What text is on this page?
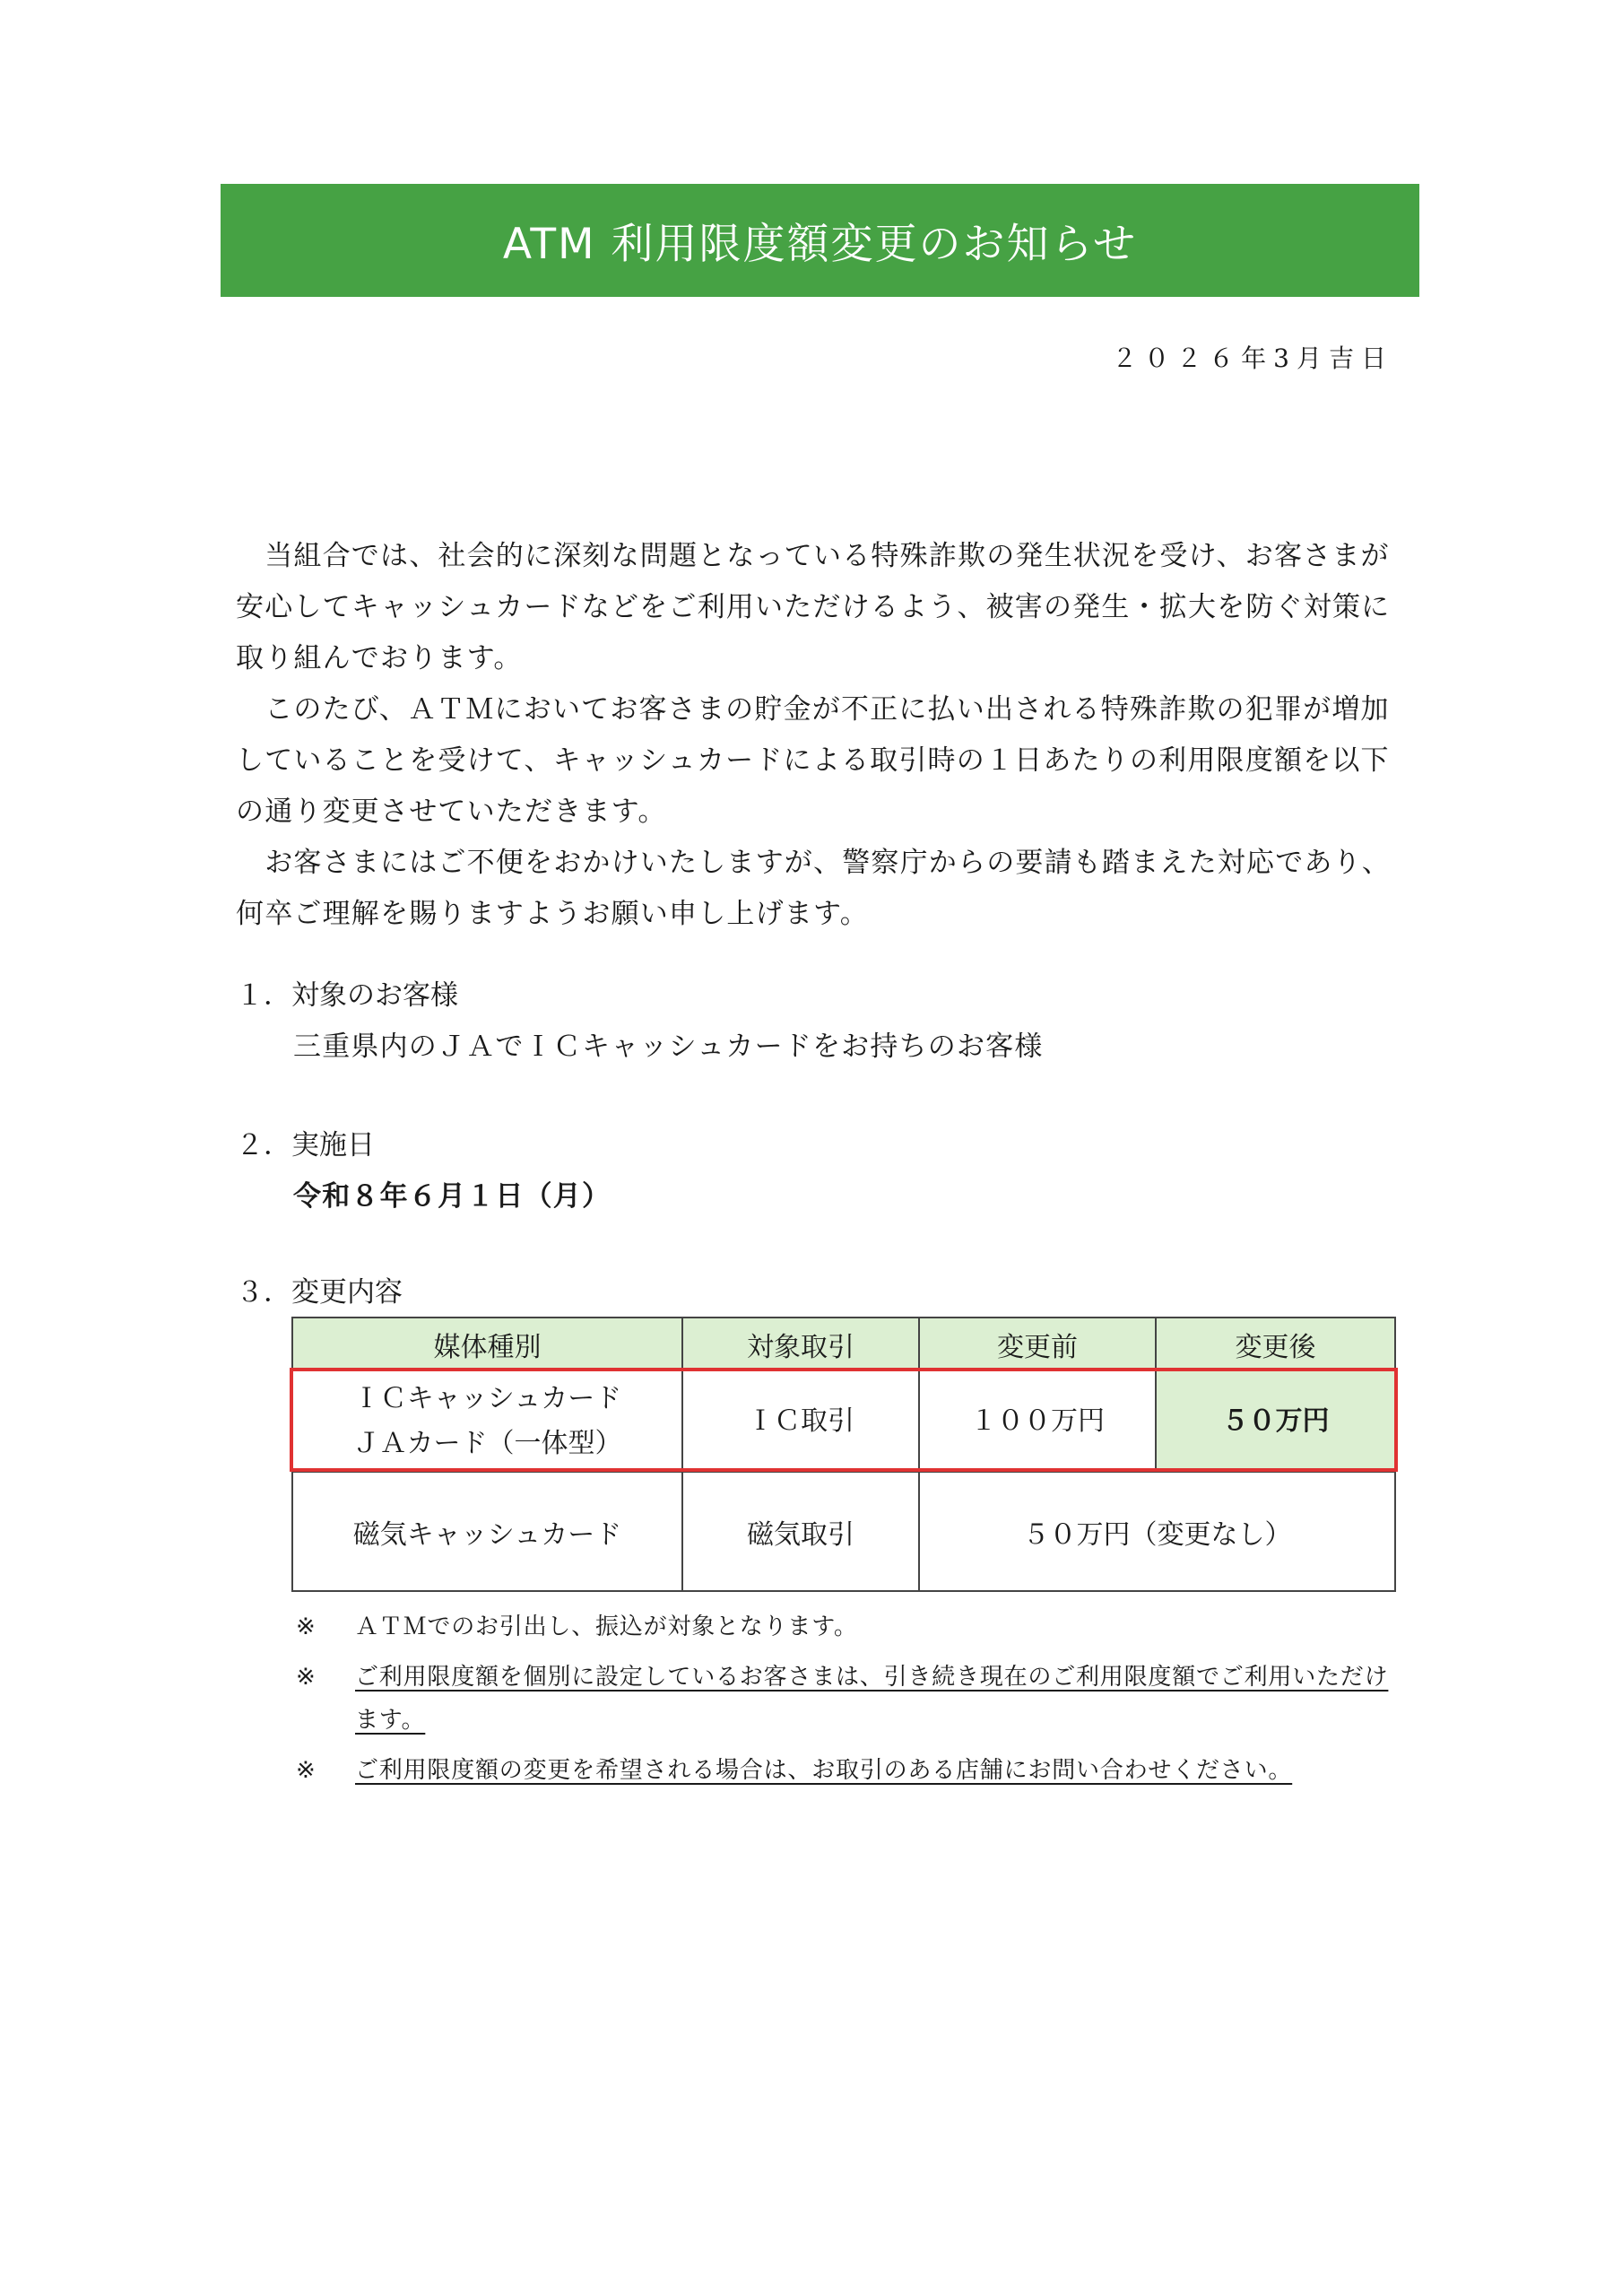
ATM 利用限度額変更のお知らせ
２０２６年3月吉日

　当組合では、社会的に深刻な問題となっている特殊詐欺の発生状況を受け、お客さまが安心してキャッシュカードなどをご利用いただけるよう、被害の発生・拡大を防ぐ対策に取り組んでおります。

　このたび、ＡＴＭにおいてお客さまの貯金が不正に払い出される特殊詐欺の犯罪が増加していることを受けて、キャッシュカードによる取引時の１日あたりの利用限度額を以下の通り変更させていただきます。

　お客さまにはご不便をおかけいたしますが、警察庁からの要請も踏まえた対応であり、何卒ご理解を賜りますようお願い申し上げます。

１．対象のお客様
三重県内のＪＡでＩＣキャッシュカードをお持ちのお客様
２．実施日
令和８年６月１日（月）
３．変更内容
媒体種別	対象取引	変更前	変更後

ＩＣキャッシュカード
ＪＡカード（一体型）	ＩＣ取引	１００万円	５０万円
磁気キャッシュカード	磁気取引	５０万円（変更なし）	
※	ＡＴＭでのお引出し、振込が対象となります。
※	ご利用限度額を個別に設定しているお客さまは、引き続き現在のご利用限度額でご利用いただけます。
※	ご利用限度額の変更を希望される場合は、お取引のある店舗にお問い合わせください。
